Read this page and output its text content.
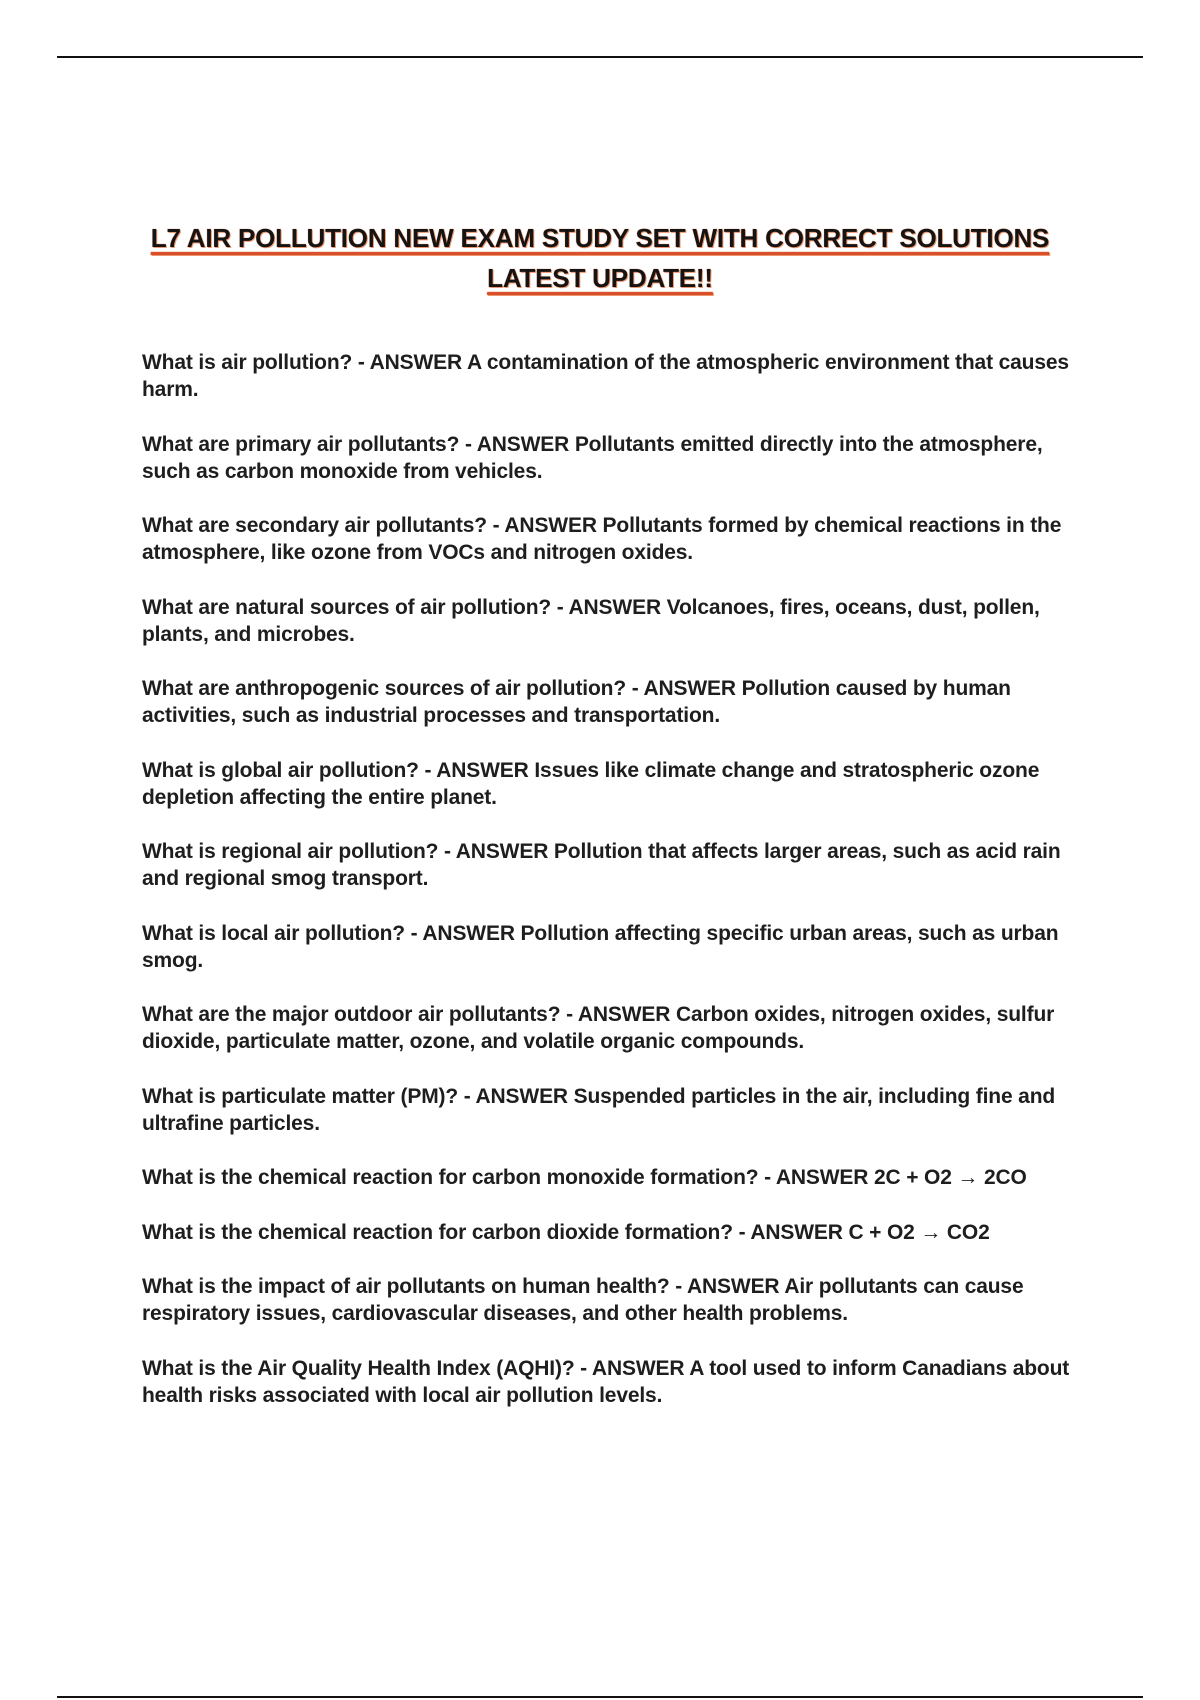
L7 AIR POLLUTION NEW EXAM STUDY SET WITH CORRECT SOLUTIONS LATEST UPDATE!!
What is air pollution? - ANSWER A contamination of the atmospheric environment that causes harm.
What are primary air pollutants? - ANSWER Pollutants emitted directly into the atmosphere, such as carbon monoxide from vehicles.
What are secondary air pollutants? - ANSWER Pollutants formed by chemical reactions in the atmosphere, like ozone from VOCs and nitrogen oxides.
What are natural sources of air pollution? - ANSWER Volcanoes, fires, oceans, dust, pollen, plants, and microbes.
What are anthropogenic sources of air pollution? - ANSWER Pollution caused by human activities, such as industrial processes and transportation.
What is global air pollution? - ANSWER Issues like climate change and stratospheric ozone depletion affecting the entire planet.
What is regional air pollution? - ANSWER Pollution that affects larger areas, such as acid rain and regional smog transport.
What is local air pollution? - ANSWER Pollution affecting specific urban areas, such as urban smog.
What are the major outdoor air pollutants? - ANSWER Carbon oxides, nitrogen oxides, sulfur dioxide, particulate matter, ozone, and volatile organic compounds.
What is particulate matter (PM)? - ANSWER Suspended particles in the air, including fine and ultrafine particles.
What is the chemical reaction for carbon monoxide formation? - ANSWER 2C + O2 → 2CO
What is the chemical reaction for carbon dioxide formation? - ANSWER C + O2 → CO2
What is the impact of air pollutants on human health? - ANSWER Air pollutants can cause respiratory issues, cardiovascular diseases, and other health problems.
What is the Air Quality Health Index (AQHI)? - ANSWER A tool used to inform Canadians about health risks associated with local air pollution levels.
